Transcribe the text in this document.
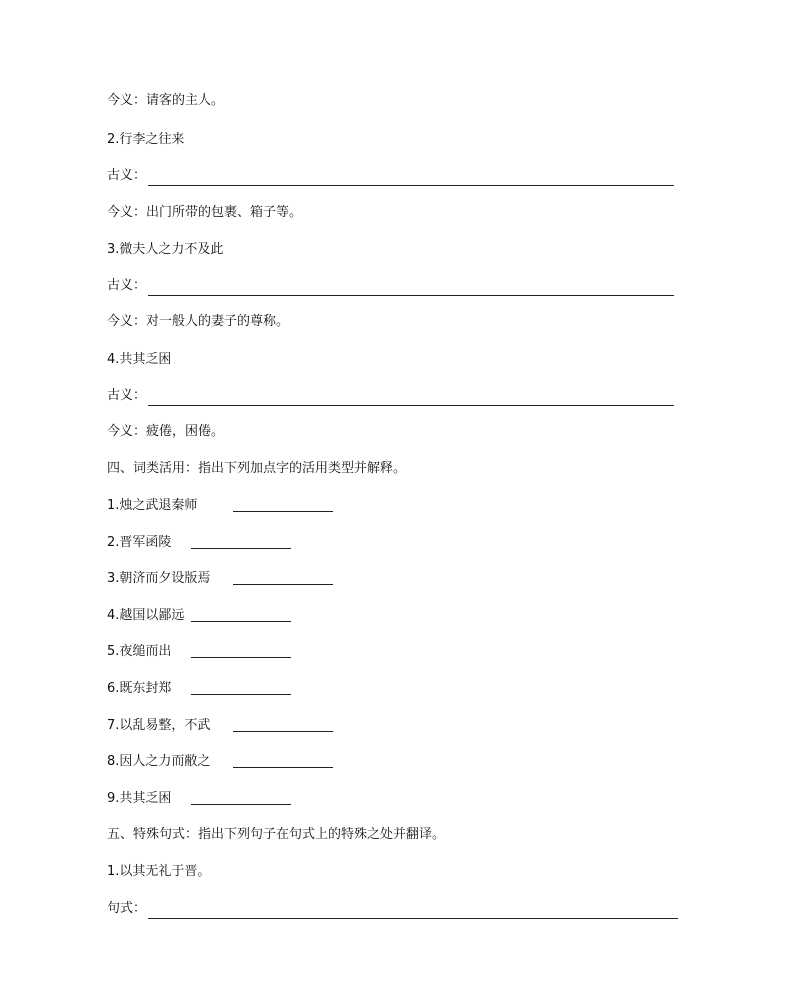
今义：请客的主人。
2.行李之往来
古义：
今义：出门所带的包裹、箱子等。
3.微夫人之力不及此
古义：
今义：对一般人的妻子的尊称。
4.共其乏困
古义：
今义：疲倦，困倦。
四、词类活用：指出下列加点字的活用类型并解释。
1.烛之武退秦师
2.晋军函陵
3.朝济而夕设版焉
4.越国以鄙远
5.夜缒而出
6.既东封郑
7.以乱易整，不武
8.因人之力而敝之
9.共其乏困
五、特殊句式：指出下列句子在句式上的特殊之处并翻译。
1.以其无礼于晋。
句式：
